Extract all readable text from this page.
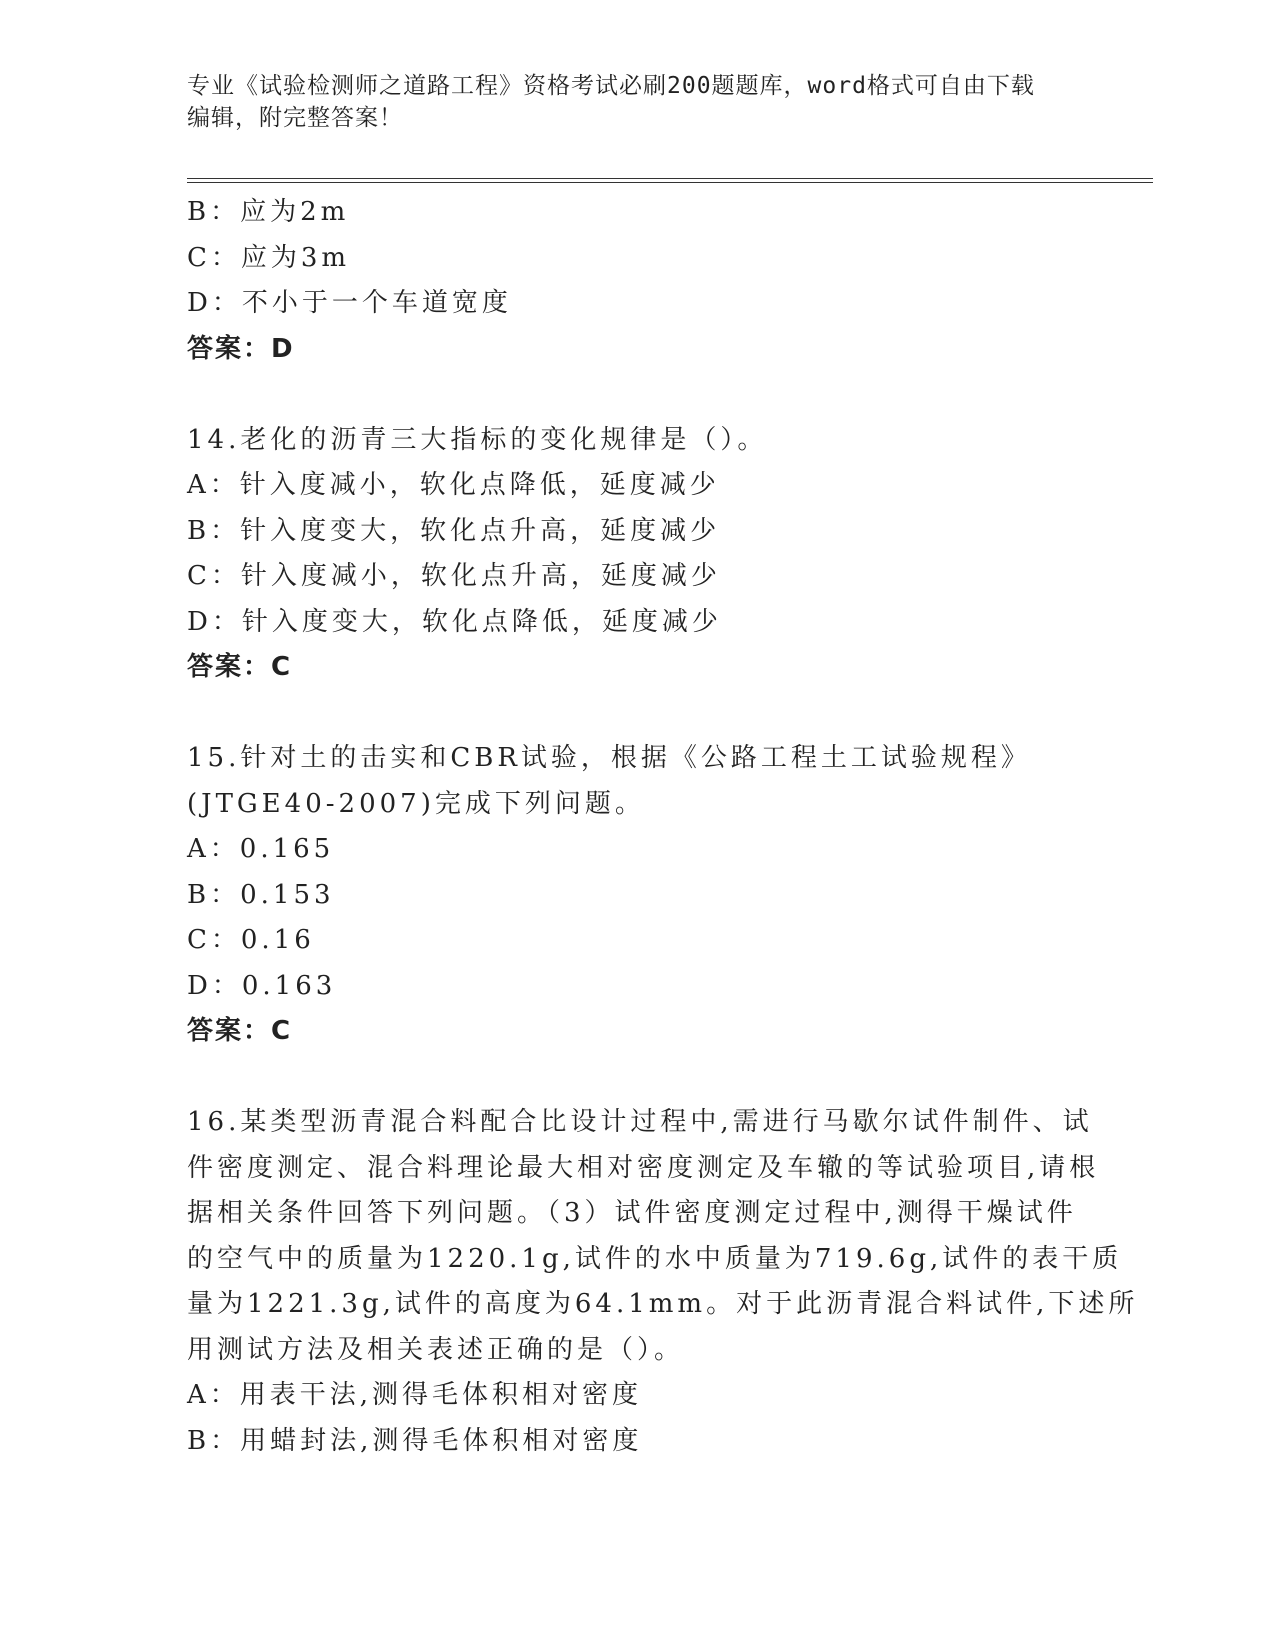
专业《试验检测师之道路工程》资格考试必刷200题题库，word格式可自由下载
编辑，附完整答案！
B：应为2m
C：应为3m
D：不小于一个车道宽度
答案：D
14.老化的沥青三大指标的变化规律是（）。
A：针入度减小，软化点降低，延度减少
B：针入度变大，软化点升高，延度减少
C：针入度减小，软化点升高，延度减少
D：针入度变大，软化点降低，延度减少
答案：C
15.针对土的击实和CBR试验，根据《公路工程土工试验规程》
(JTGE40-2007)完成下列问题。
A：0.165
B：0.153
C：0.16
D：0.163
答案：C
16.某类型沥青混合料配合比设计过程中,需进行马歇尔试件制件、试
件密度测定、混合料理论最大相对密度测定及车辙的等试验项目,请根
据相关条件回答下列问题。（3）试件密度测定过程中,测得干燥试件
的空气中的质量为1220.1g,试件的水中质量为719.6g,试件的表干质
量为1221.3g,试件的高度为64.1mm。对于此沥青混合料试件,下述所
用测试方法及相关表述正确的是（）。
A：用表干法,测得毛体积相对密度
B：用蜡封法,测得毛体积相对密度
